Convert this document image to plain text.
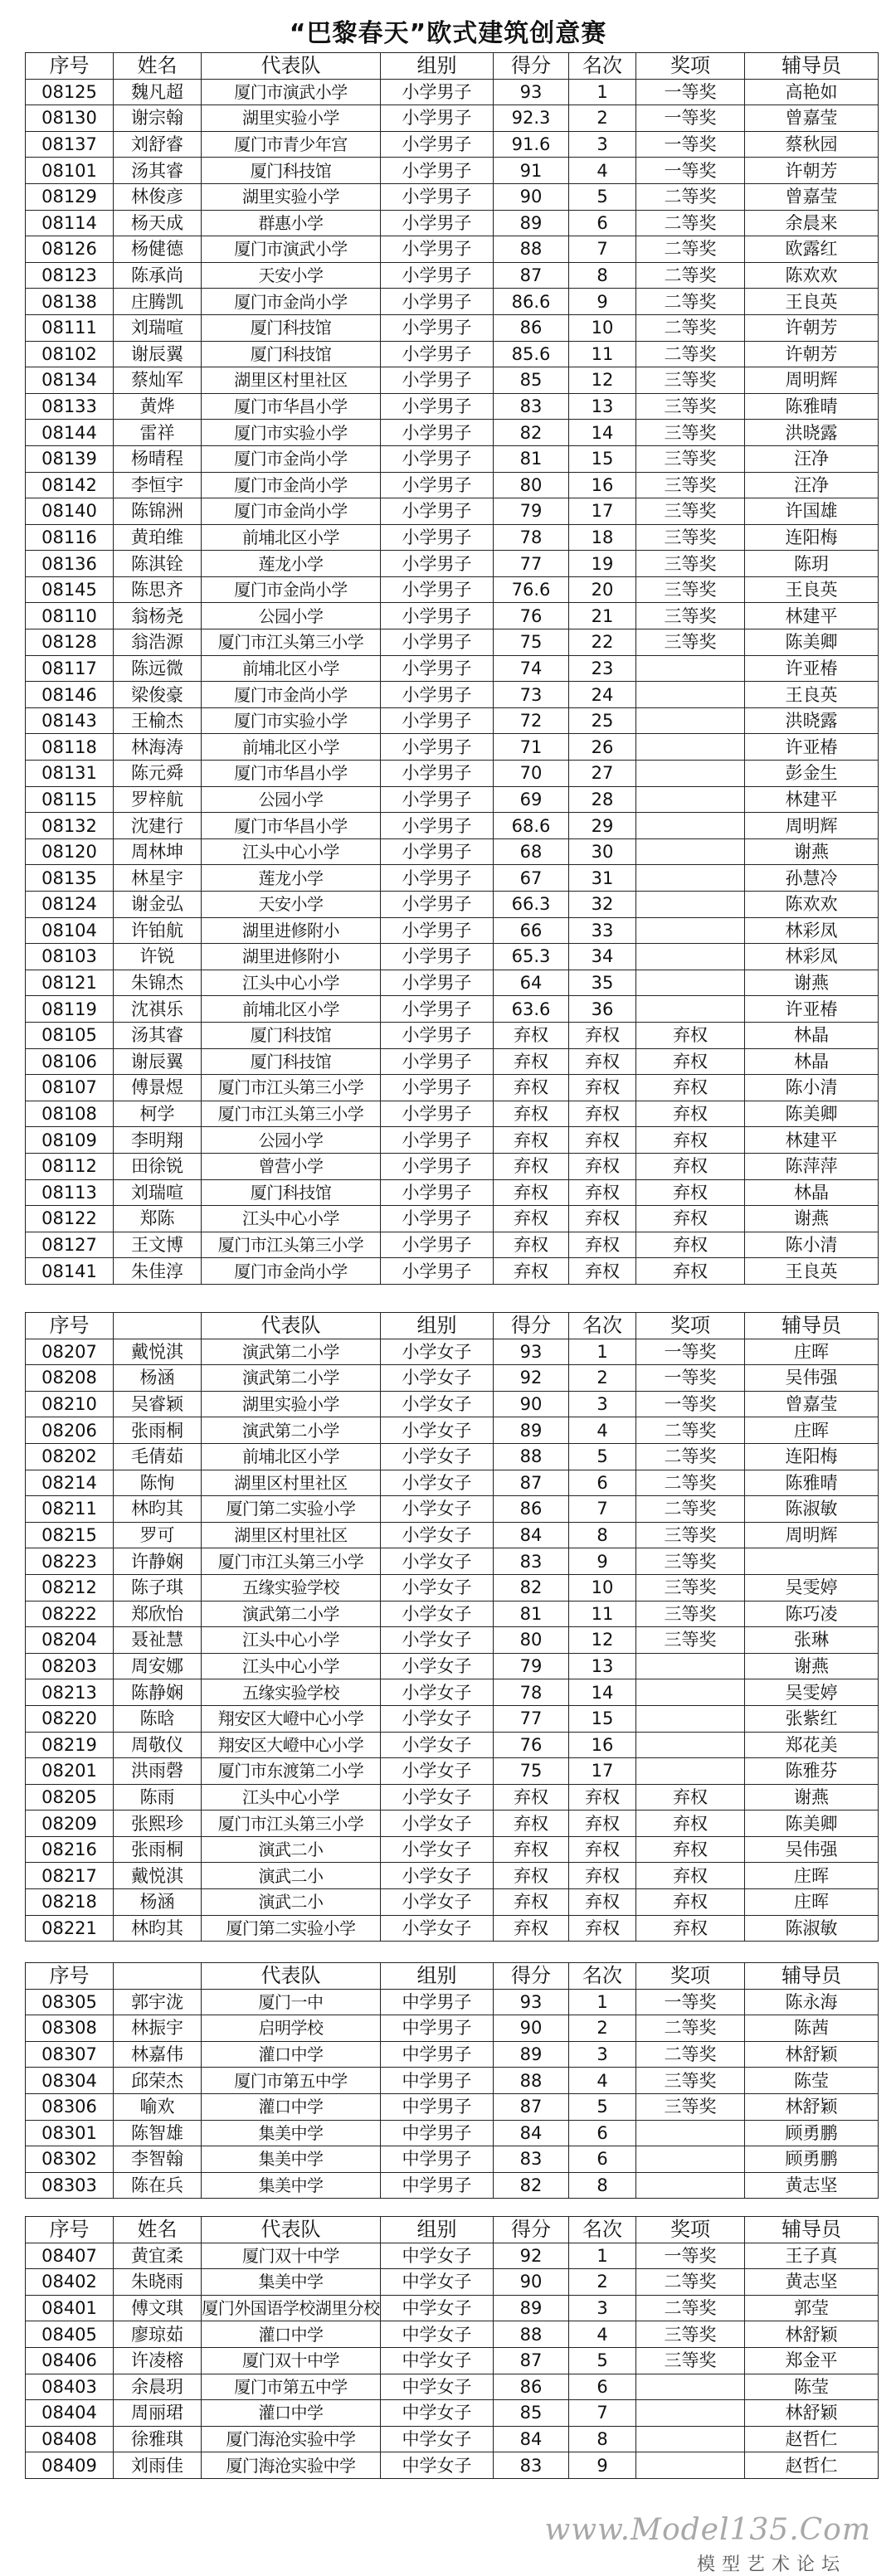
“巴黎春天”欧式建筑创意赛
序号	姓名	代表队	组别	得分	名次	奖项	辅导员
08125	魏凡超	厦门市演武小学	小学男子	93	1	一等奖	高艳如
08130	谢宗翰	湖里实验小学	小学男子	92.3	2	一等奖	曾嘉莹
08137	刘舒睿	厦门市青少年宫	小学男子	91.6	3	一等奖	蔡秋园
08101	汤其睿	厦门科技馆	小学男子	91	4	一等奖	许朝芳
08129	林俊彦	湖里实验小学	小学男子	90	5	二等奖	曾嘉莹
08114	杨天成	群惠小学	小学男子	89	6	二等奖	余晨来
08126	杨健德	厦门市演武小学	小学男子	88	7	二等奖	欧露红
08123	陈承尚	天安小学	小学男子	87	8	二等奖	陈欢欢
08138	庄腾凯	厦门市金尚小学	小学男子	86.6	9	二等奖	王良英
08111	刘瑞喧	厦门科技馆	小学男子	86	10	二等奖	许朝芳
08102	谢辰翼	厦门科技馆	小学男子	85.6	11	二等奖	许朝芳
08134	蔡灿军	湖里区村里社区	小学男子	85	12	三等奖	周明辉
08133	黄烨	厦门市华昌小学	小学男子	83	13	三等奖	陈雅晴
08144	雷祥	厦门市实验小学	小学男子	82	14	三等奖	洪晓露
08139	杨晴程	厦门市金尚小学	小学男子	81	15	三等奖	汪净
08142	李恒宇	厦门市金尚小学	小学男子	80	16	三等奖	汪净
08140	陈锦洲	厦门市金尚小学	小学男子	79	17	三等奖	许国雄
08116	黄珀维	前埔北区小学	小学男子	78	18	三等奖	连阳梅
08136	陈淇铨	莲龙小学	小学男子	77	19	三等奖	陈玥
08145	陈思齐	厦门市金尚小学	小学男子	76.6	20	三等奖	王良英
08110	翁杨尧	公园小学	小学男子	76	21	三等奖	林建平
08128	翁浩源	厦门市江头第三小学	小学男子	75	22	三等奖	陈美卿
08117	陈远微	前埔北区小学	小学男子	74	23		许亚椿
08146	梁俊豪	厦门市金尚小学	小学男子	73	24		王良英
08143	王榆杰	厦门市实验小学	小学男子	72	25		洪晓露
08118	林海涛	前埔北区小学	小学男子	71	26		许亚椿
08131	陈元舜	厦门市华昌小学	小学男子	70	27		彭金生
08115	罗梓航	公园小学	小学男子	69	28		林建平
08132	沈建行	厦门市华昌小学	小学男子	68.6	29		周明辉
08120	周林坤	江头中心小学	小学男子	68	30		谢燕
08135	林星宇	莲龙小学	小学男子	67	31		孙慧冷
08124	谢金弘	天安小学	小学男子	66.3	32		陈欢欢
08104	许铂航	湖里进修附小	小学男子	66	33		林彩凤
08103	许锐	湖里进修附小	小学男子	65.3	34		林彩凤
08121	朱锦杰	江头中心小学	小学男子	64	35		谢燕
08119	沈祺乐	前埔北区小学	小学男子	63.6	36		许亚椿
08105	汤其睿	厦门科技馆	小学男子	弃权	弃权	弃权	林晶
08106	谢辰翼	厦门科技馆	小学男子	弃权	弃权	弃权	林晶
08107	傅景煜	厦门市江头第三小学	小学男子	弃权	弃权	弃权	陈小清
08108	柯学	厦门市江头第三小学	小学男子	弃权	弃权	弃权	陈美卿
08109	李明翔	公园小学	小学男子	弃权	弃权	弃权	林建平
08112	田徐锐	曾营小学	小学男子	弃权	弃权	弃权	陈萍萍
08113	刘瑞喧	厦门科技馆	小学男子	弃权	弃权	弃权	林晶
08122	郑陈	江头中心小学	小学男子	弃权	弃权	弃权	谢燕
08127	王文博	厦门市江头第三小学	小学男子	弃权	弃权	弃权	陈小清
08141	朱佳淳	厦门市金尚小学	小学男子	弃权	弃权	弃权	王良英
序号		代表队	组别	得分	名次	奖项	辅导员
08207	戴悦淇	演武第二小学	小学女子	93	1	一等奖	庄晖
08208	杨涵	演武第二小学	小学女子	92	2	一等奖	吴伟强
08210	吴睿颖	湖里实验小学	小学女子	90	3	一等奖	曾嘉莹
08206	张雨桐	演武第二小学	小学女子	89	4	二等奖	庄晖
08202	毛倩茹	前埔北区小学	小学女子	88	5	二等奖	连阳梅
08214	陈恂	湖里区村里社区	小学女子	87	6	二等奖	陈雅晴
08211	林昀其	厦门第二实验小学	小学女子	86	7	二等奖	陈淑敏
08215	罗可	湖里区村里社区	小学女子	84	8	三等奖	周明辉
08223	许静娴	厦门市江头第三小学	小学女子	83	9	三等奖	
08212	陈子琪	五缘实验学校	小学女子	82	10	三等奖	吴雯婷
08222	郑欣怡	演武第二小学	小学女子	81	11	三等奖	陈巧凌
08204	聂祉慧	江头中心小学	小学女子	80	12	三等奖	张琳
08203	周安娜	江头中心小学	小学女子	79	13		谢燕
08213	陈静娴	五缘实验学校	小学女子	78	14		吴雯婷
08220	陈晗	翔安区大嶝中心小学	小学女子	77	15		张紫红
08219	周敬仪	翔安区大嶝中心小学	小学女子	76	16		郑花美
08201	洪雨磬	厦门市东渡第二小学	小学女子	75	17		陈雅芬
08205	陈雨	江头中心小学	小学女子	弃权	弃权	弃权	谢燕
08209	张熙珍	厦门市江头第三小学	小学女子	弃权	弃权	弃权	陈美卿
08216	张雨桐	演武二小	小学女子	弃权	弃权	弃权	吴伟强
08217	戴悦淇	演武二小	小学女子	弃权	弃权	弃权	庄晖
08218	杨涵	演武二小	小学女子	弃权	弃权	弃权	庄晖
08221	林昀其	厦门第二实验小学	小学女子	弃权	弃权	弃权	陈淑敏
序号		代表队	组别	得分	名次	奖项	辅导员
08305	郭宇泷	厦门一中	中学男子	93	1	一等奖	陈永海
08308	林振宇	启明学校	中学男子	90	2	二等奖	陈茜
08307	林嘉伟	灌口中学	中学男子	89	3	二等奖	林舒颖
08304	邱荣杰	厦门市第五中学	中学男子	88	4	三等奖	陈莹
08306	喻欢	灌口中学	中学男子	87	5	三等奖	林舒颖
08301	陈智雄	集美中学	中学男子	84	6		顾勇鹏
08302	李智翰	集美中学	中学男子	83	6		顾勇鹏
08303	陈在兵	集美中学	中学男子	82	8		黄志坚
序号	姓名	代表队	组别	得分	名次	奖项	辅导员
08407	黄宜柔	厦门双十中学	中学女子	92	1	一等奖	王子真
08402	朱晓雨	集美中学	中学女子	90	2	二等奖	黄志坚
08401	傅文琪	厦门外国语学校湖里分校	中学女子	89	3	二等奖	郭莹
08405	廖琼茹	灌口中学	中学女子	88	4	三等奖	林舒颖
08406	许凌榕	厦门双十中学	中学女子	87	5	三等奖	郑金平
08403	余晨玥	厦门市第五中学	中学女子	86	6		陈莹
08404	周丽珺	灌口中学	中学女子	85	7		林舒颖
08408	徐雅琪	厦门海沧实验中学	中学女子	84	8		赵哲仁
08409	刘雨佳	厦门海沧实验中学	中学女子	83	9		赵哲仁
www.Model135.Com
模型艺术论坛
